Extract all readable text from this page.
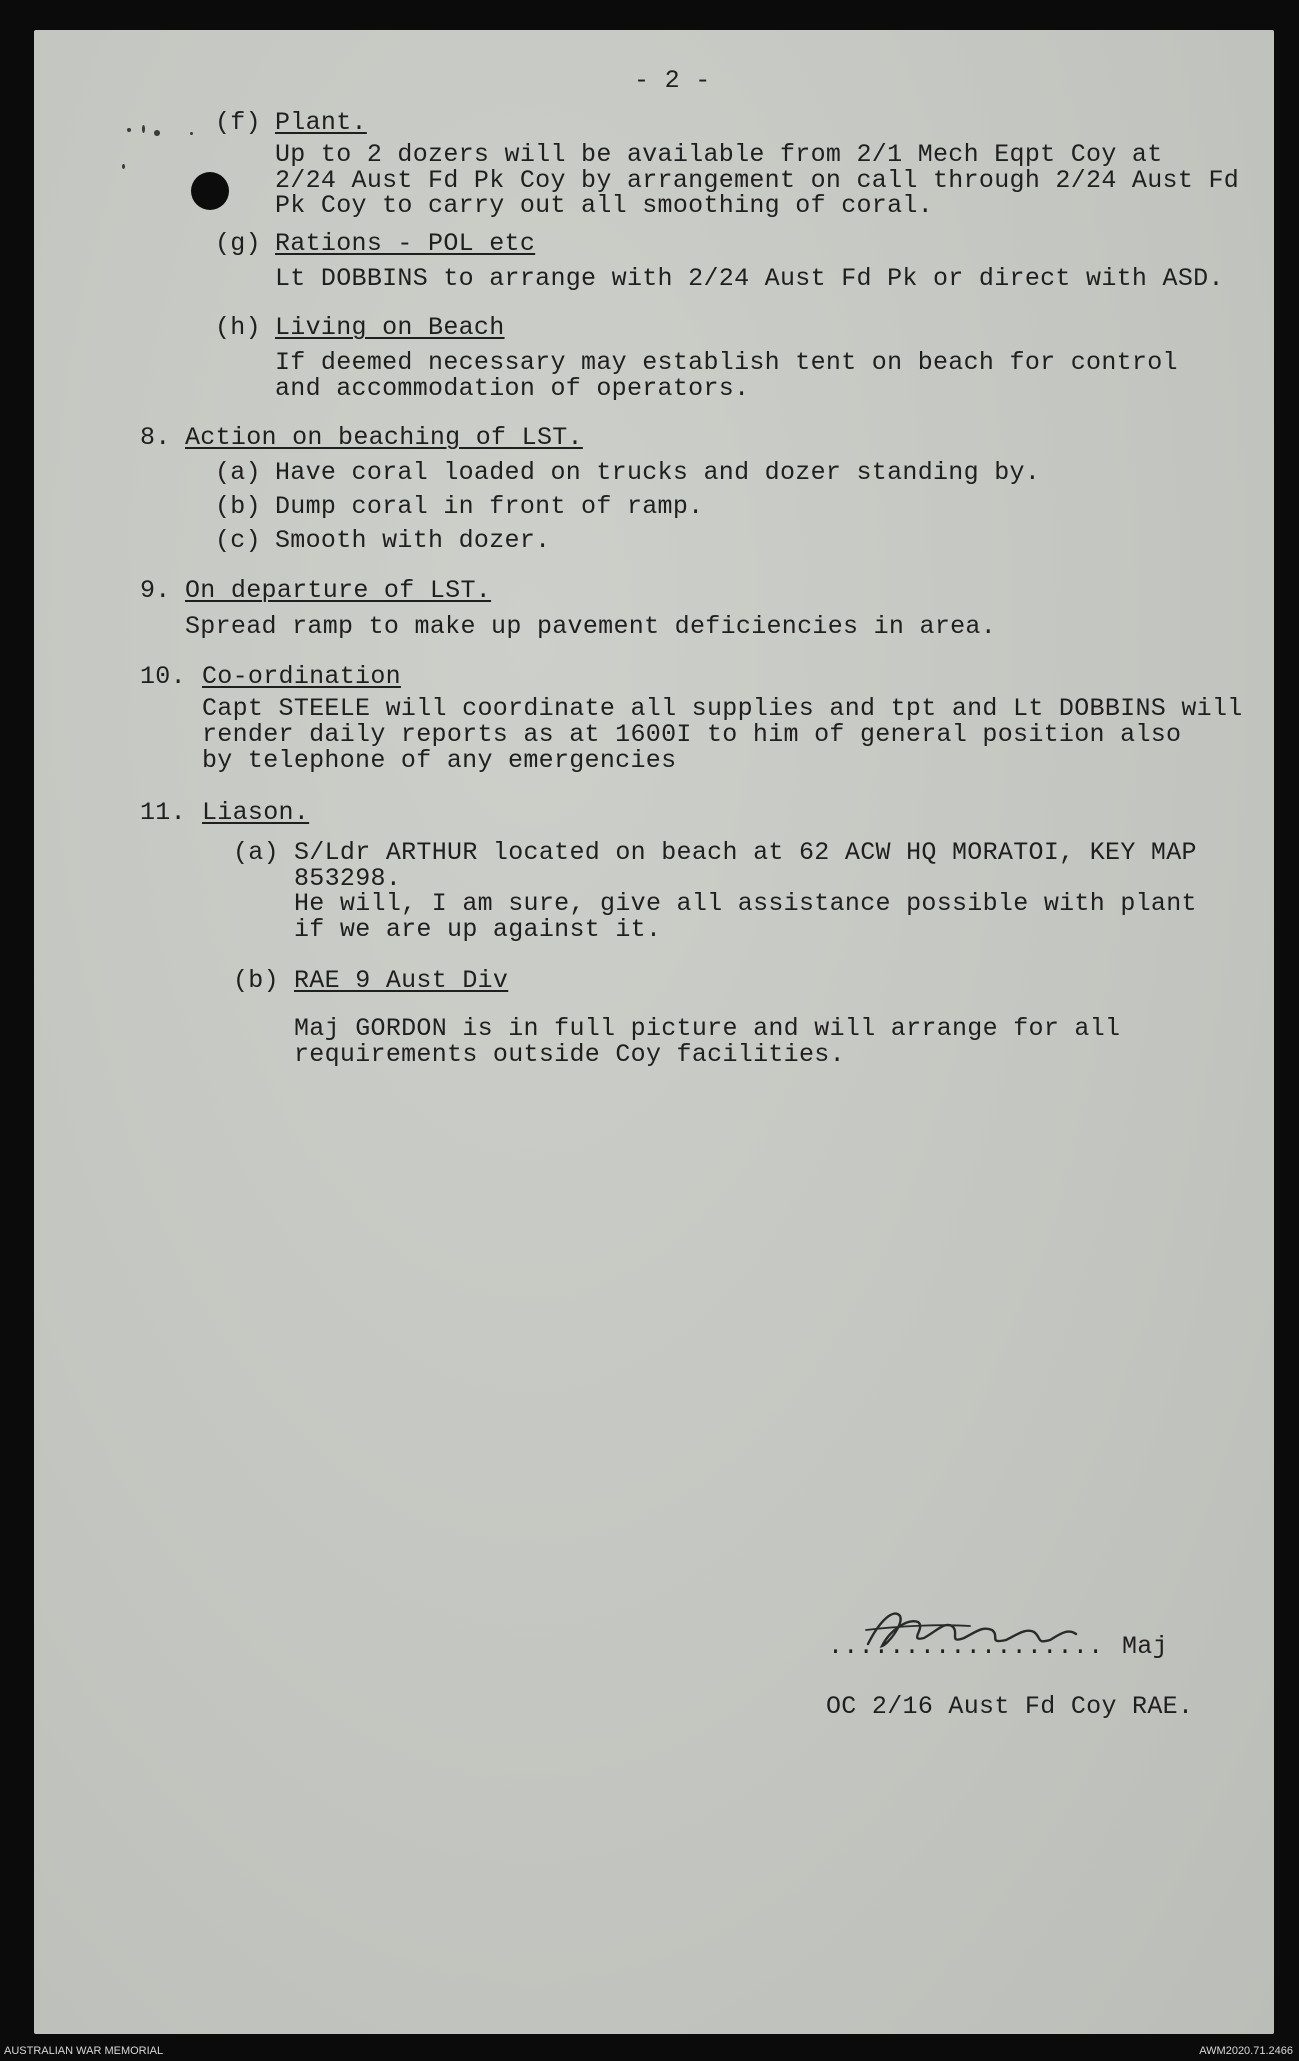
- 2 -
(f) Plant.
Up to 2 dozers will be available from 2/1 Mech Eqpt Coy at
2/24 Aust Fd Pk Coy by arrangement on call through 2/24 Aust Fd
Pk Coy to carry out all smoothing of coral.
(g) Rations - POL etc
Lt DOBBINS to arrange with 2/24 Aust Fd Pk or direct with ASD.
(h) Living on Beach
If deemed necessary may establish tent on beach for control
and accommodation of operators.
8. Action on beaching of LST.
(a) Have coral loaded on trucks and dozer standing by.
(b) Dump coral in front of ramp.
(c) Smooth with dozer.
9. On departure of LST.
Spread ramp to make up pavement deficiencies in area.
10. Co-ordination
Capt STEELE will coordinate all supplies and tpt and Lt DOBBINS will
render daily reports as at 1600I to him of general position also
by telephone of any emergencies
11. Liason.
(a) S/Ldr ARTHUR located on beach at 62 ACW HQ MORATOI, KEY MAP
853298.
He will, I am sure, give all assistance possible with plant
if we are up against it.
(b) RAE 9 Aust Div
Maj GORDON is in full picture and will arrange for all
requirements outside Coy facilities.
.................. Maj
OC 2/16 Aust Fd Coy RAE.
AUSTRALIAN WAR MEMORIAL	AWM2020.71.2466
